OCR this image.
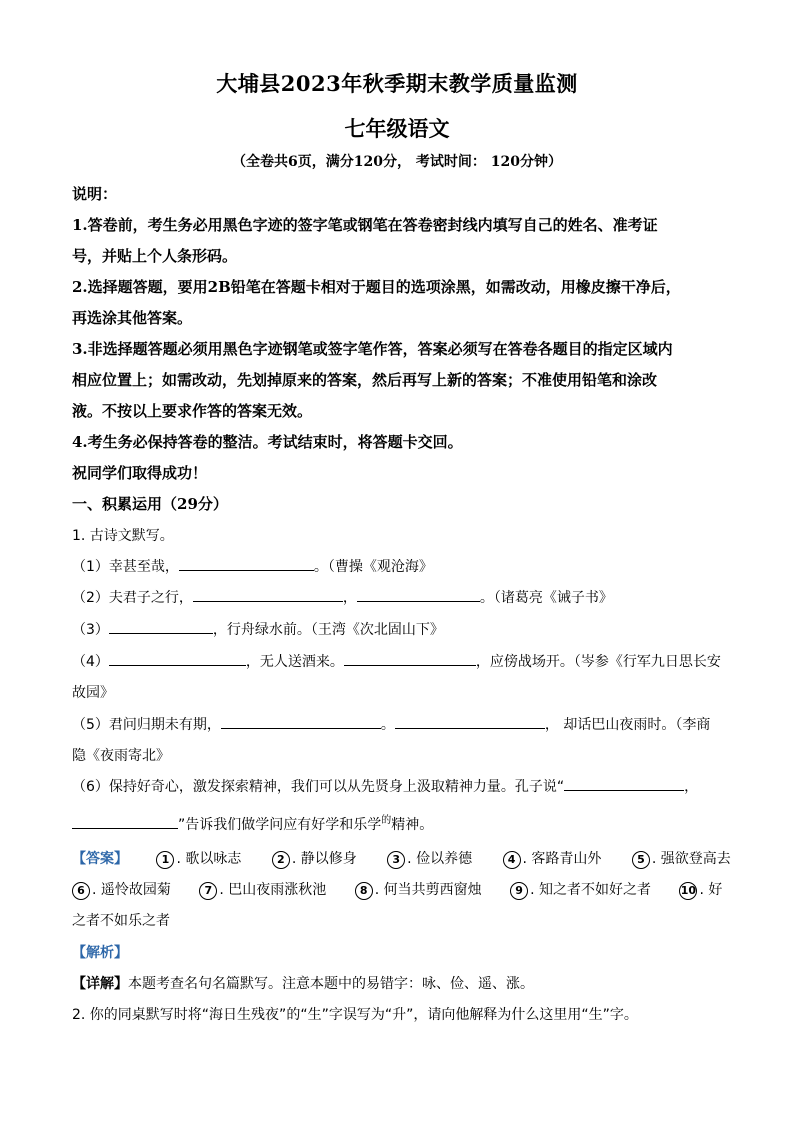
大埔县2023年秋季期末教学质量监测
七年级语文
（全卷共6页，满分120分， 考试时间： 120分钟）
说明：
1.答卷前，考生务必用黑色字迹的签字笔或钢笔在答卷密封线内填写自己的姓名、准考证
号，并贴上个人条形码。
2.选择题答题，要用2B铅笔在答题卡相对于题目的选项涂黑，如需改动，用橡皮擦干净后，
再选涂其他答案。
3.非选择题答题必须用黑色字迹钢笔或签字笔作答，答案必须写在答卷各题目的指定区域内
相应位置上；如需改动，先划掉原来的答案，然后再写上新的答案；不准使用铅笔和涂改
液。不按以上要求作答的答案无效。
4.考生务必保持答卷的整洁。考试结束时，将答题卡交回。
祝同学们取得成功！
一、积累运用（29分）
1. 古诗文默写。
（1）幸甚至哉，	。（曹操《观沧海》
（2）夫君子之行，	，	。（诸葛亮《诫子书》
（3）	，行舟绿水前。（王湾《次北固山下》
（4）	，无人送酒来。	，应傍战场开。（岑参《行军九日思长安
故园》
（5）君问归期未有期，	。	， 却话巴山夜雨时。（李商
隐《夜雨寄北》
（6）保持好奇心，激发探索精神，我们可以从先贤身上汲取精神力量。孔子说“	，
”告诉我们做学问应有好学和乐学$^的$精神。
【答案】	1 . 歌以咏志	2 . 静以修身	3 . 俭以养德	4 . 客路青山外	5 . 强欲登高去
6 . 遥怜故园菊	7 . 巴山夜雨涨秋池	8 . 何当共剪西窗烛	9 . 知之者不如好之者	10 . 好
之者不如乐之者
【解析】
【详解】本题考查名句名篇默写。注意本题中的易错字：咏、俭、遥、涨。
2. 你的同桌默写时将“海日生残夜”的“生”字误写为“升”，请向他解释为什么这里用“生”字。
